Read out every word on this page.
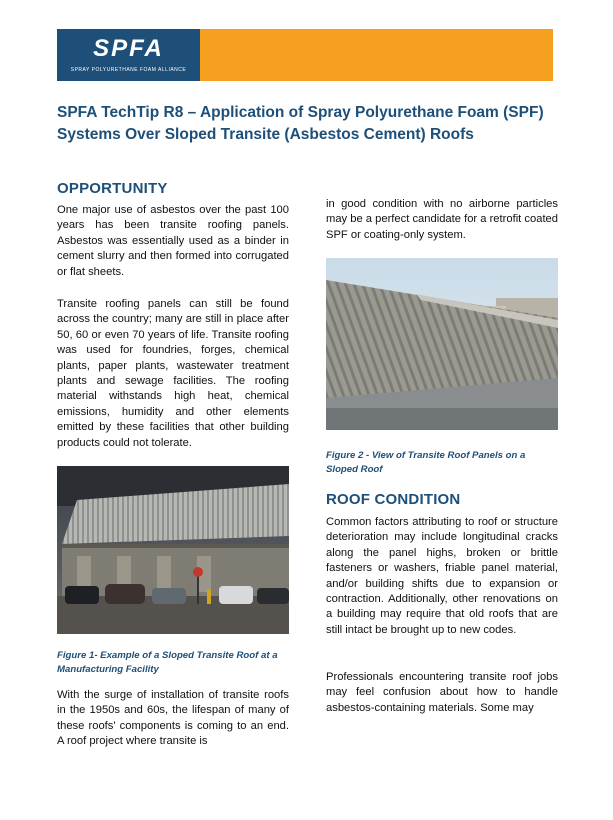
SPFA
SPRAY POLYURETHANE FOAM ALLIANCE
SPFA TechTip R8 – Application of Spray Polyurethane Foam (SPF) Systems Over Sloped Transite (Asbestos Cement) Roofs
OPPORTUNITY
One major use of asbestos over the past 100 years has been transite roofing panels. Asbestos was essentially used as a binder in cement slurry and then formed into corrugated or flat sheets.
Transite roofing panels can still be found across the country; many are still in place after 50, 60 or even 70 years of life. Transite roofing was used for foundries, forges, chemical plants, paper plants, wastewater treatment plants and sewage facilities. The roofing material withstands high heat, chemical emissions, humidity and other elements emitted by these facilities that other building products could not tolerate.
Figure 1- Example of a Sloped Transite Roof at a Manufacturing Facility
With the surge of installation of transite roofs in the 1950s and 60s, the lifespan of many of these roofs' components is coming to an end. A roof project where transite is
in good condition with no airborne particles may be a perfect candidate for a retrofit coated SPF or coating-only system.
Figure 2 - View of Transite Roof Panels on a Sloped Roof
ROOF CONDITION
Common factors attributing to roof or structure deterioration may include longitudinal cracks along the panel highs, broken or brittle fasteners or washers, friable panel material, and/or building shifts due to expansion or contraction. Additionally, other renovations on a building may require that old roofs that are still intact be brought up to new codes.
Professionals encountering transite roof jobs may feel confusion about how to handle asbestos-containing materials. Some may
